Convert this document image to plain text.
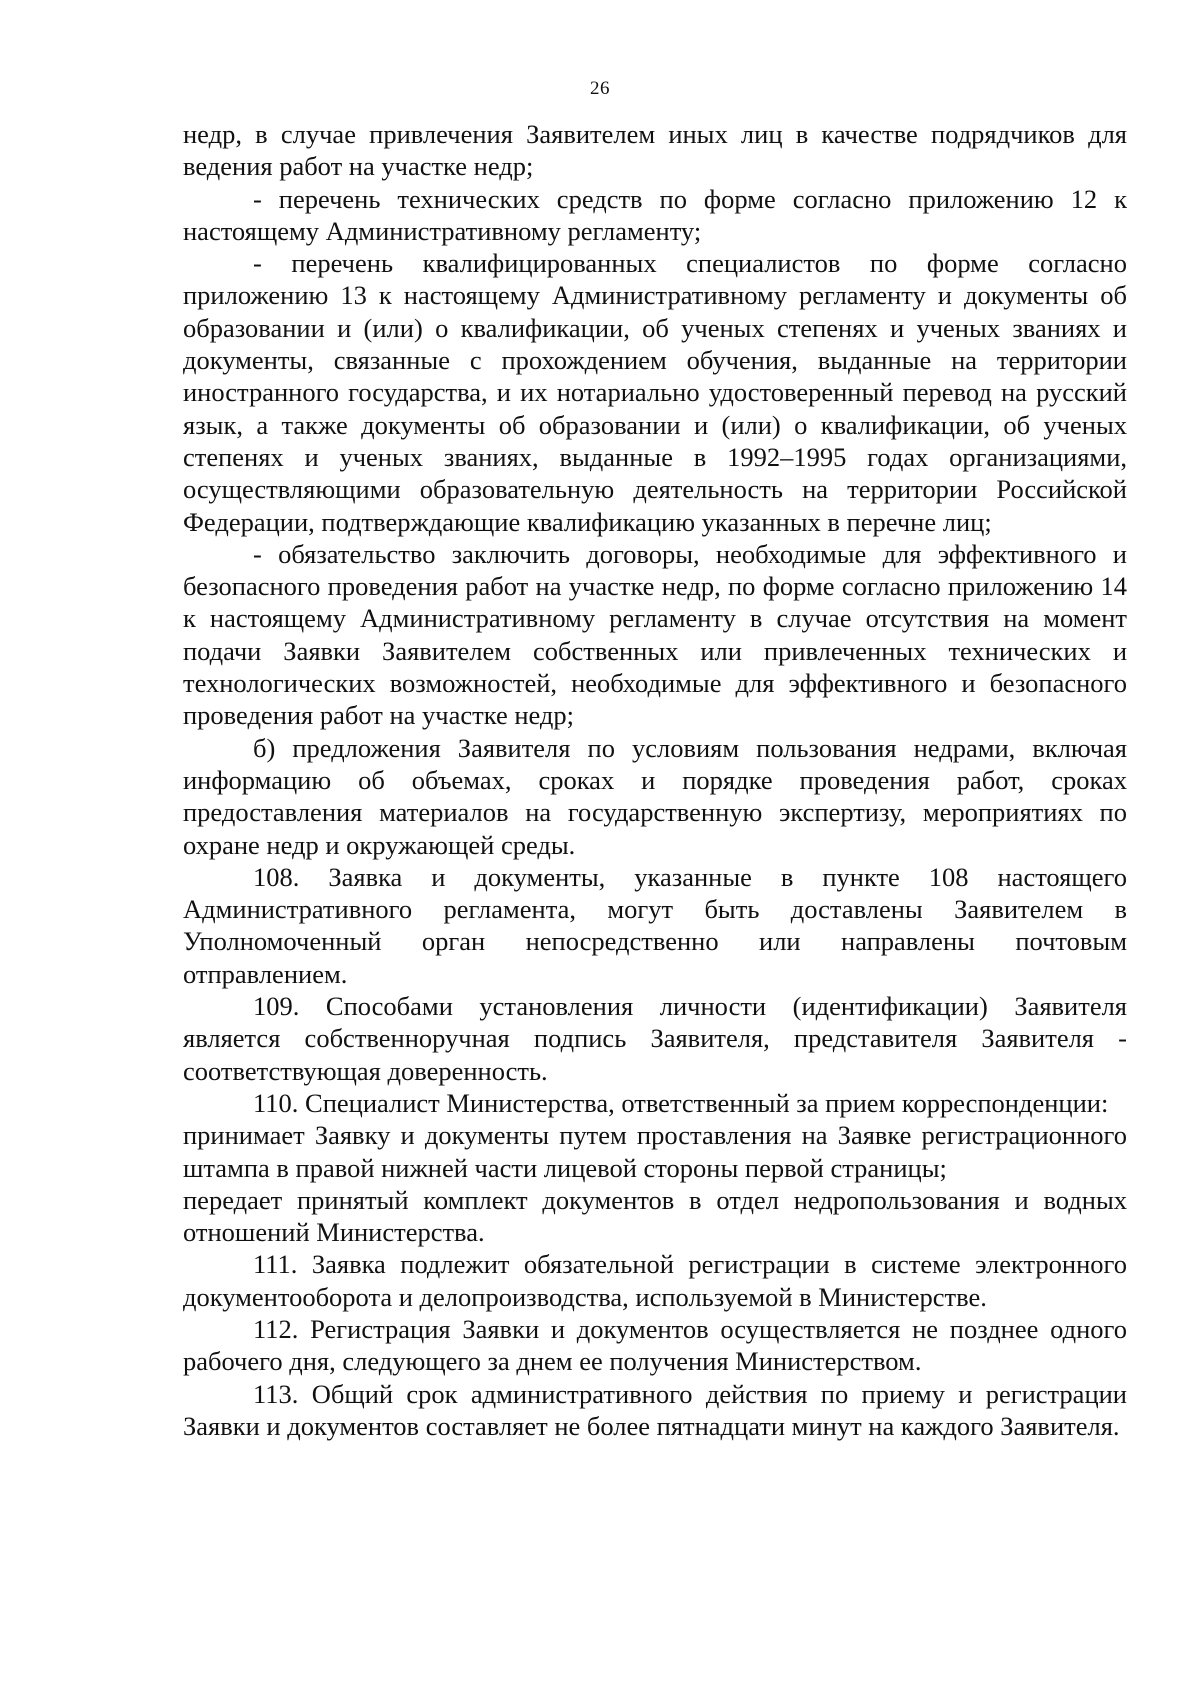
26

недр, в случае привлечения Заявителем иных лиц в качестве подрядчиков для ведения работ на участке недр;

- перечень технических средств по форме согласно приложению 12 к настоящему Административному регламенту;

- перечень квалифицированных специалистов по форме согласно приложению 13 к настоящему Административному регламенту и документы об образовании и (или) о квалификации, об ученых степенях и ученых званиях и документы, связанные с прохождением обучения, выданные на территории иностранного государства, и их нотариально удостоверенный перевод на русский язык, а также документы об образовании и (или) о квалификации, об ученых степенях и ученых званиях, выданные в 1992–1995 годах организациями, осуществляющими образовательную деятельность на территории Российской Федерации, подтверждающие квалификацию указанных в перечне лиц;

- обязательство заключить договоры, необходимые для эффективного и безопасного проведения работ на участке недр, по форме согласно приложению 14 к настоящему Административному регламенту в случае отсутствия на момент подачи Заявки Заявителем собственных или привлеченных технических и технологических возможностей, необходимые для эффективного и безопасного проведения работ на участке недр;

б) предложения Заявителя по условиям пользования недрами, включая информацию об объемах, сроках и порядке проведения работ, сроках предоставления материалов на государственную экспертизу, мероприятиях по охране недр и окружающей среды.

108. Заявка и документы, указанные в пункте 108 настоящего Административного регламента, могут быть доставлены Заявителем в Уполномоченный орган непосредственно или направлены почтовым отправлением.

109. Способами установления личности (идентификации) Заявителя является собственноручная подпись Заявителя, представителя Заявителя - соответствующая доверенность.

110. Специалист Министерства, ответственный за прием корреспонденции:

принимает Заявку и документы путем проставления на Заявке регистрационного штампа в правой нижней части лицевой стороны первой страницы;

передает принятый комплект документов в отдел недропользования и водных отношений Министерства.

111. Заявка подлежит обязательной регистрации в системе электронного документооборота и делопроизводства, используемой в Министерстве.

112. Регистрация Заявки и документов осуществляется не позднее одного рабочего дня, следующего за днем ее получения Министерством.

113. Общий срок административного действия по приему и регистрации Заявки и документов составляет не более пятнадцати минут на каждого Заявителя.
